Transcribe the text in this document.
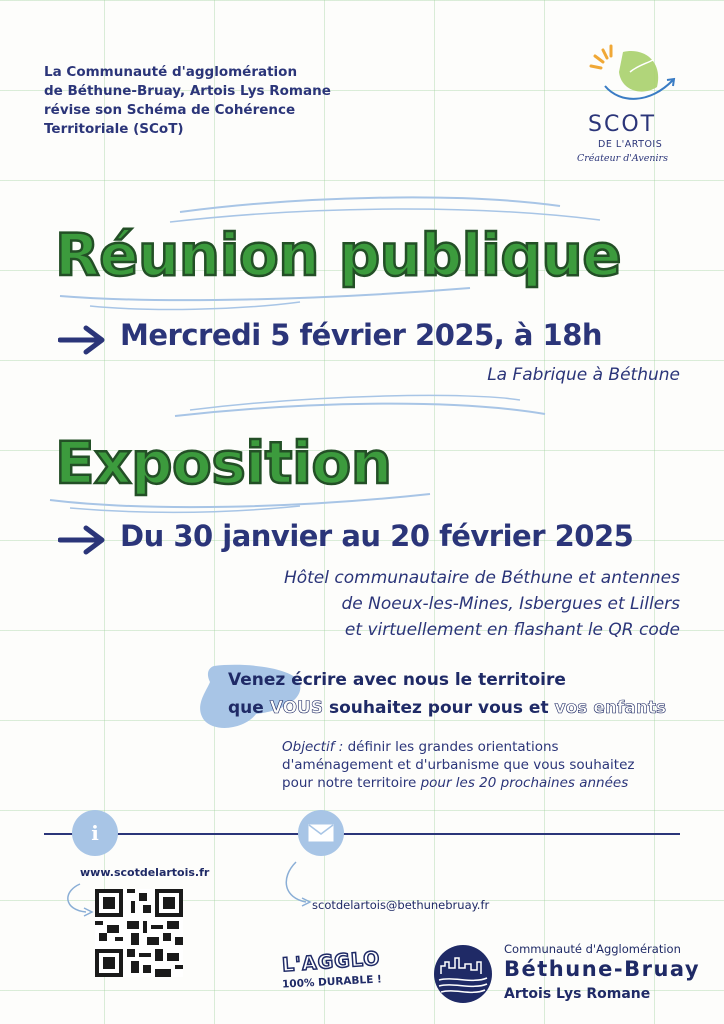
La Communauté d'agglomération
de Béthune-Bruay, Artois Lys Romane
révise son Schéma de Cohérence
Territoriale (SCoT)	SCOT
DE L'ARTOIS
Créateur d'Avenirs
Réunion publique
Mercredi 5 février 2025, à 18h
La Fabrique à Béthune
Exposition
Du 30 janvier au 20 février 2025
Hôtel communautaire de Béthune et antennes
de Noeux-les-Mines, Isbergues et Lillers
et virtuellement en flashant le QR code
Venez écrire avec nous le territoire
que VOUS souhaitez pour vous et vos enfants
Objectif : définir les grandes orientations
d'aménagement et d'urbanisme que vous souhaitez
pour notre territoire pour les 20 prochaines années
i
www.scotdelartois.fr
scotdelartois@bethunebruay.fr
L'AGGLO
100% DURABLE !
Communauté d'Agglomération
Béthune-Bruay
Artois Lys Romane
